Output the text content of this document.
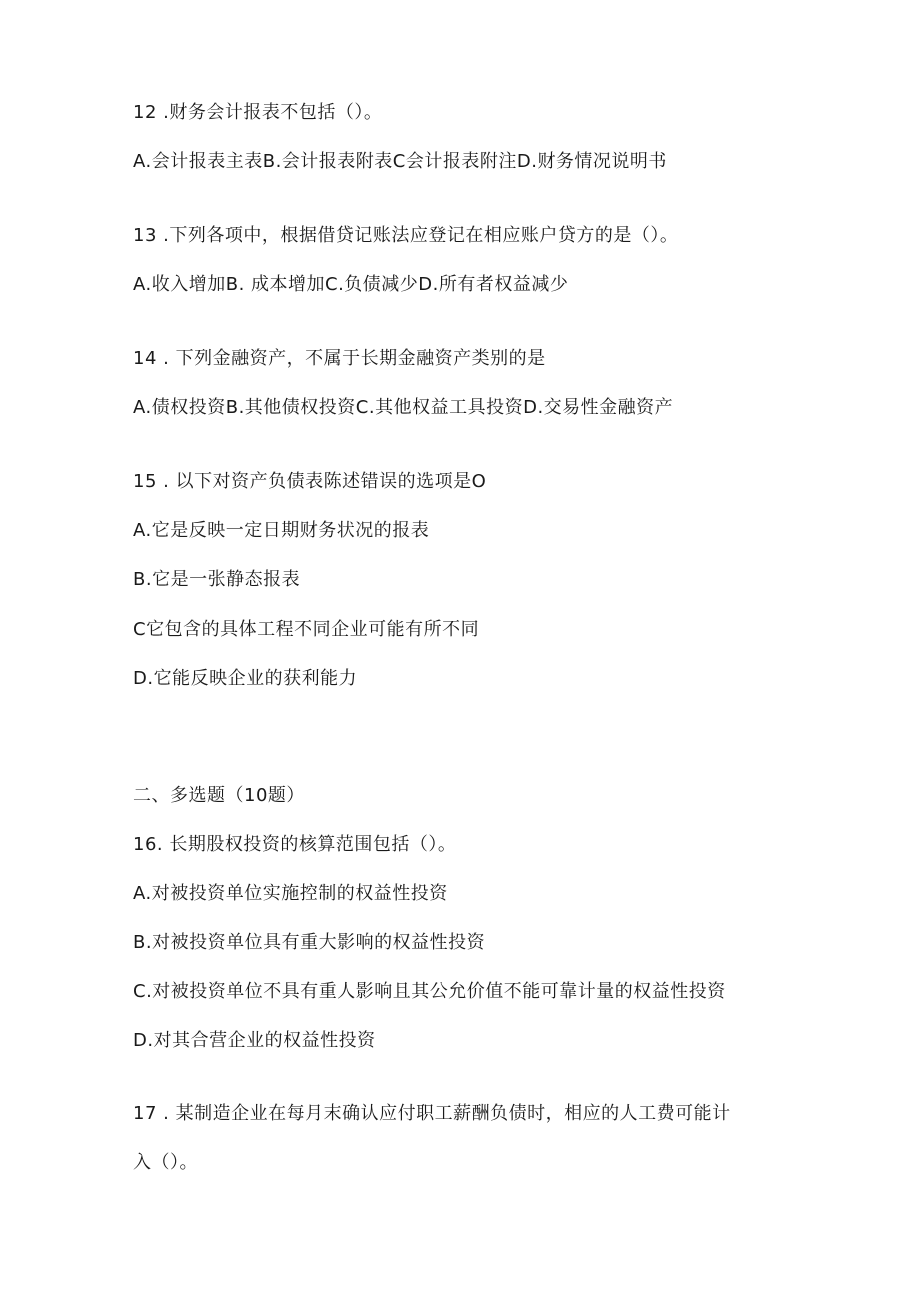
12 .财务会计报表不包括（）。
A.会计报表主表B.会计报表附表C会计报表附注D.财务情况说明书
13 .下列各项中，根据借贷记账法应登记在相应账户贷方的是（）。
A.收入增加B. 成本增加C.负债减少D.所有者权益减少
14 . 下列金融资产，不属于长期金融资产类别的是
A.债权投资B.其他债权投资C.其他权益工具投资D.交易性金融资产
15 . 以下对资产负债表陈述错误的选项是O
A.它是反映一定日期财务状况的报表
B.它是一张静态报表
C它包含的具体工程不同企业可能有所不同
D.它能反映企业的获利能力
二、多选题（10题）
16. 长期股权投资的核算范围包括（）。
A.对被投资单位实施控制的权益性投资
B.对被投资单位具有重大影响的权益性投资
C.对被投资单位不具有重人影响且其公允价值不能可靠计量的权益性投资
D.对其合营企业的权益性投资
17 . 某制造企业在每月末确认应付职工薪酬负债时，相应的人工费可能计
入（）。
